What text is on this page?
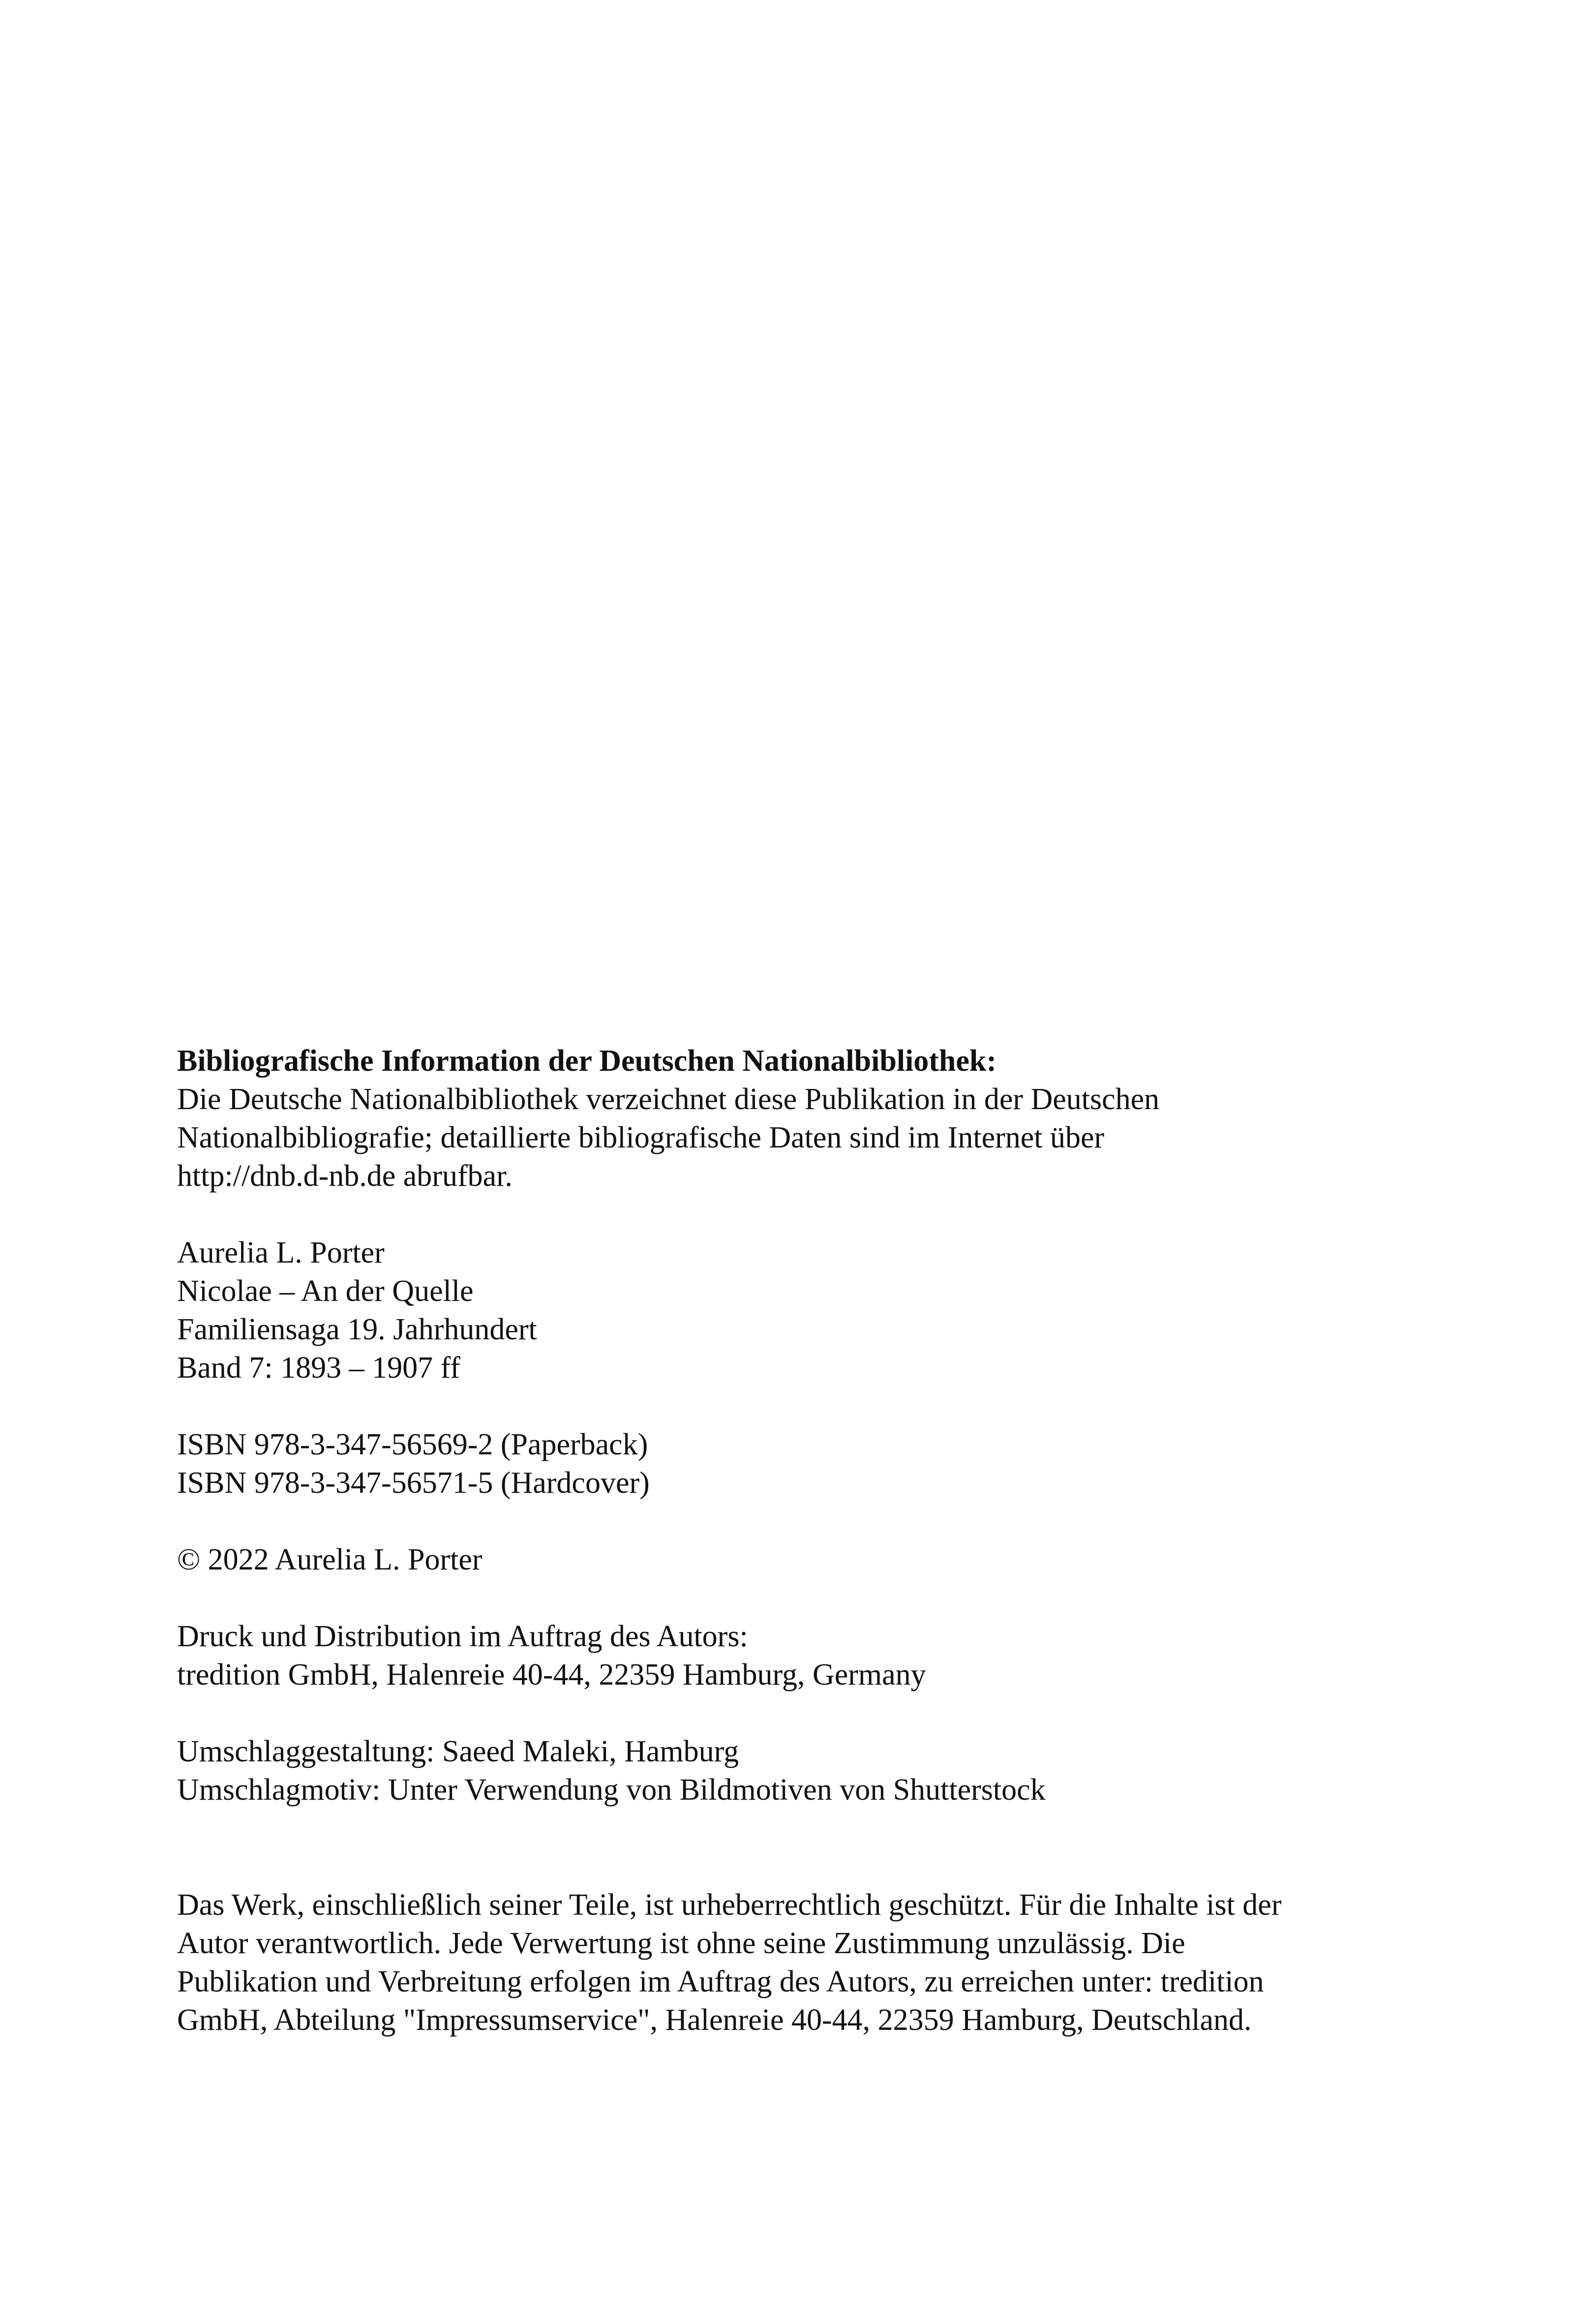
Bibliografische Information der Deutschen Nationalbibliothek:
Die Deutsche Nationalbibliothek verzeichnet diese Publikation in der Deutschen
Nationalbibliografie; detaillierte bibliografische Daten sind im Internet über
http://dnb.d-nb.de abrufbar.
Aurelia L. Porter
Nicolae – An der Quelle
Familiensaga 19. Jahrhundert
Band 7: 1893 – 1907 ff
ISBN 978-3-347-56569-2 (Paperback)
ISBN 978-3-347-56571-5 (Hardcover)
© 2022 Aurelia L. Porter
Druck und Distribution im Auftrag des Autors:
tredition GmbH, Halenreie 40-44, 22359 Hamburg, Germany
Umschlaggestaltung: Saeed Maleki, Hamburg
Umschlagmotiv: Unter Verwendung von Bildmotiven von Shutterstock
Das Werk, einschließlich seiner Teile, ist urheberrechtlich geschützt. Für die Inhalte ist der
Autor verantwortlich. Jede Verwertung ist ohne seine Zustimmung unzulässig. Die
Publikation und Verbreitung erfolgen im Auftrag des Autors, zu erreichen unter: tredition
GmbH, Abteilung "Impressumservice", Halenreie 40-44, 22359 Hamburg, Deutschland.
